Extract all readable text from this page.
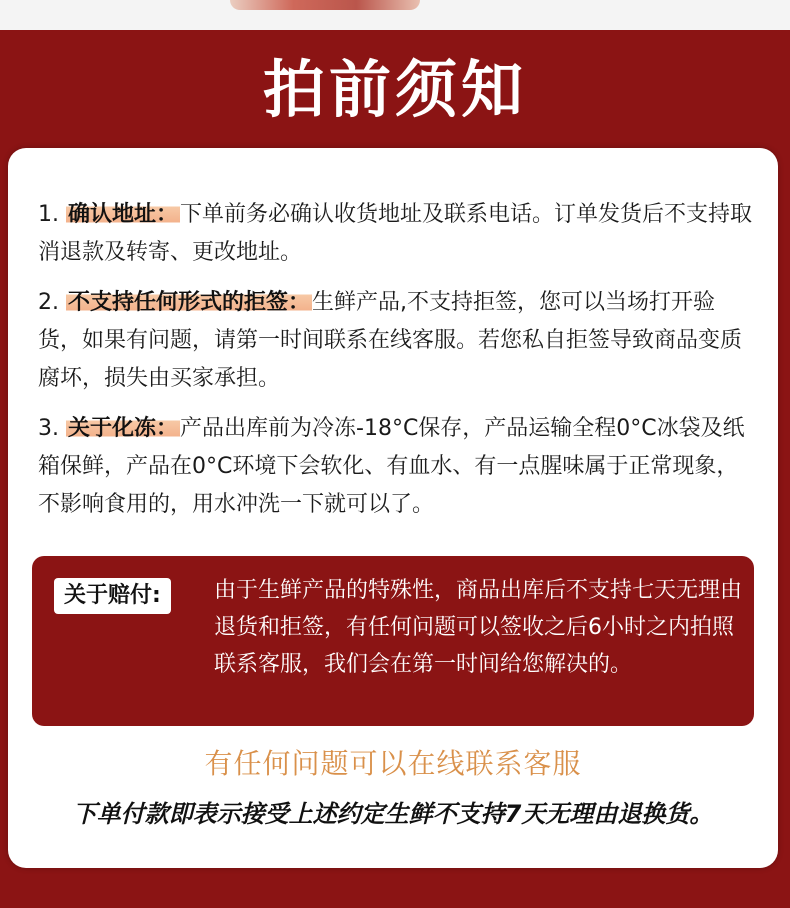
拍前须知
1. 确认地址：下单前务必确认收货地址及联系电话。订单发货后不支持取消退款及转寄、更改地址。
2. 不支持任何形式的拒签：生鲜产品,不支持拒签，您可以当场打开验货，如果有问题，请第一时间联系在线客服。若您私自拒签导致商品变质腐坏，损失由买家承担。
3. 关于化冻：产品出库前为冷冻-18°C保存，产品运输全程0°C冰袋及纸箱保鲜，产品在0°C环境下会软化、有血水、有一点腥味属于正常现象，不影响食用的，用水冲洗一下就可以了。
关于赔付:	由于生鲜产品的特殊性，商品出库后不支持七天无理由退货和拒签，有任何问题可以签收之后6小时之内拍照联系客服，我们会在第一时间给您解决的。
有任何问题可以在线联系客服
下单付款即表示接受上述约定生鲜不支持7天无理由退换货。
